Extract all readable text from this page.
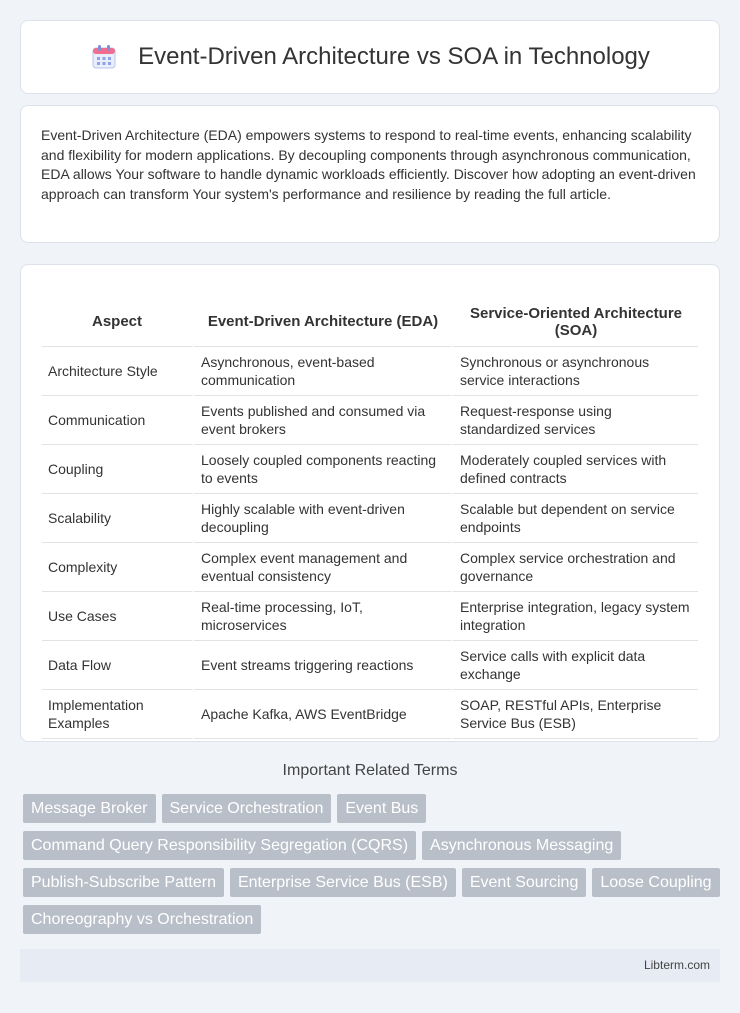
Event-Driven Architecture vs SOA in Technology

Event-Driven Architecture (EDA) empowers systems to respond to real-time events, enhancing scalability and flexibility for modern applications. By decoupling components through asynchronous communication, EDA allows Your software to handle dynamic workloads efficiently. Discover how adopting an event-driven approach can transform Your system's performance and resilience by reading the full article.

Aspect	Event-Driven Architecture (EDA)	Service-Oriented Architecture (SOA)
Architecture Style	Asynchronous, event-based communication	Synchronous or asynchronous service interactions
Communication	Events published and consumed via event brokers	Request-response using standardized services
Coupling	Loosely coupled components reacting to events	Moderately coupled services with defined contracts
Scalability	Highly scalable with event-driven decoupling	Scalable but dependent on service endpoints
Complexity	Complex event management and eventual consistency	Complex service orchestration and governance
Use Cases	Real-time processing, IoT, microservices	Enterprise integration, legacy system integration
Data Flow	Event streams triggering reactions	Service calls with explicit data exchange
Implementation Examples	Apache Kafka, AWS EventBridge	SOAP, RESTful APIs, Enterprise Service Bus (ESB)
Important Related Terms
Message Broker	Service Orchestration	Event Bus
Command Query Responsibility Segregation (CQRS)	Asynchronous Messaging
Publish-Subscribe Pattern	Enterprise Service Bus (ESB)	Event Sourcing	Loose Coupling
Choreography vs Orchestration
Libterm.com
